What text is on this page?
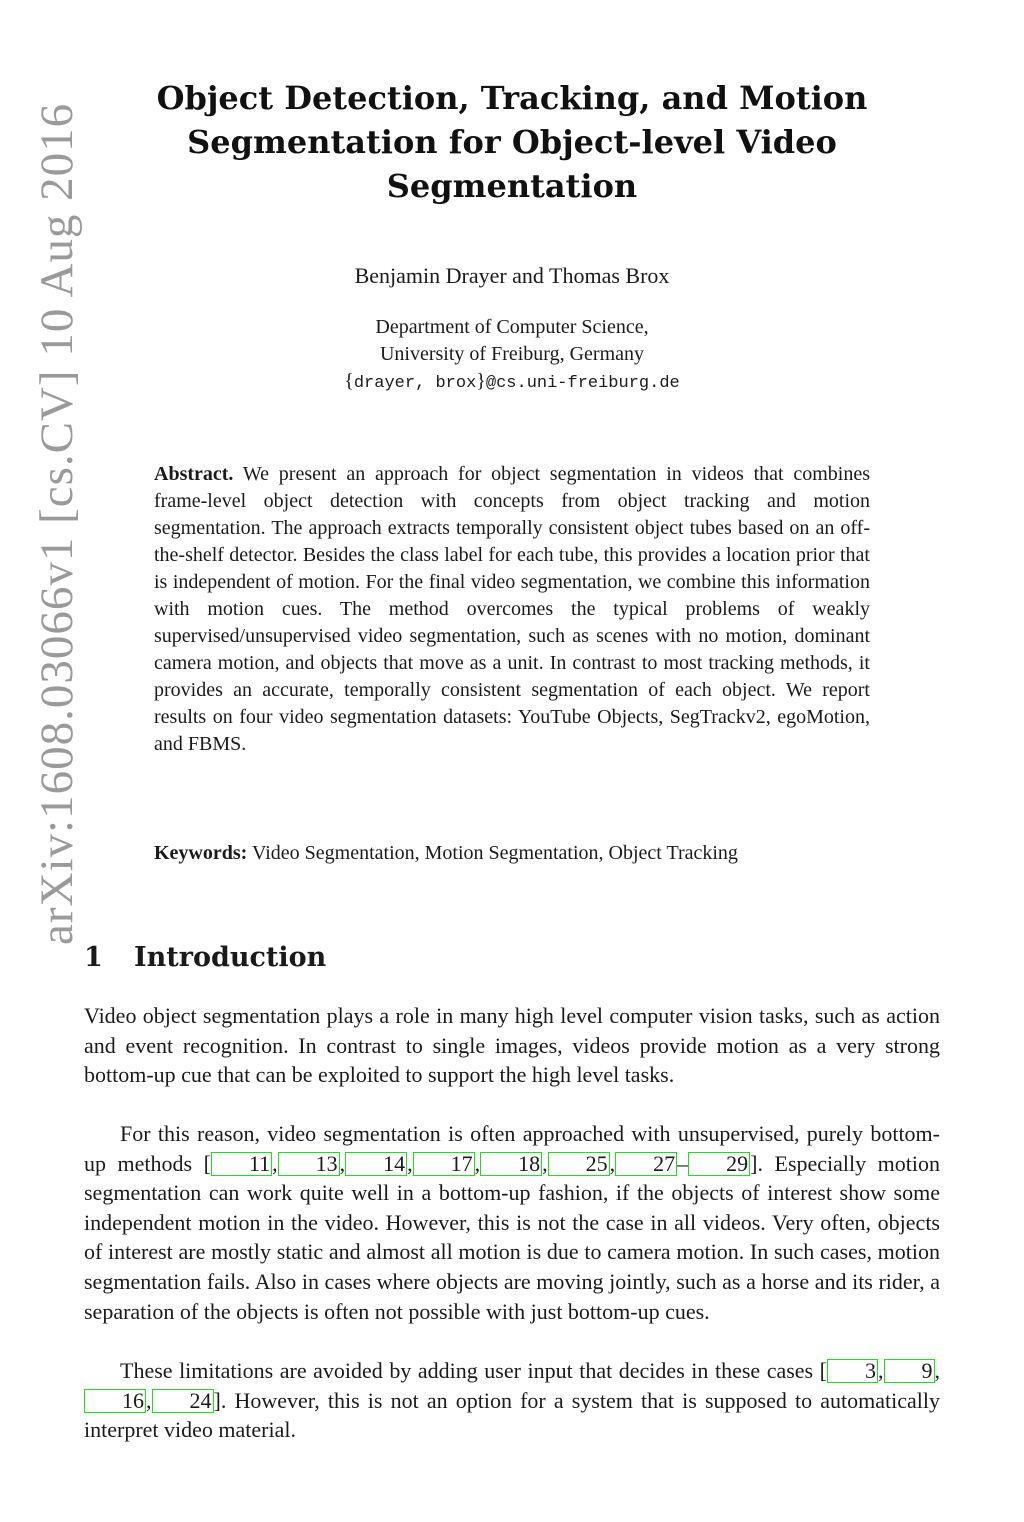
arXiv:1608.03066v1 [cs.CV] 10 Aug 2016
Object Detection, Tracking, and Motion
Segmentation for Object-level Video
Segmentation
Benjamin Drayer and Thomas Brox
Department of Computer Science,
University of Freiburg, Germany
{drayer, brox}@cs.uni-freiburg.de

Abstract. We present an approach for object segmentation in videos that combines frame-level object detection with concepts from object tracking and motion segmentation. The approach extracts temporally consistent object tubes based on an off-the-shelf detector. Besides the class label for each tube, this provides a location prior that is independent of motion. For the final video segmentation, we combine this information with motion cues. The method overcomes the typical problems of weakly supervised/unsupervised video segmentation, such as scenes with no motion, dominant camera motion, and objects that move as a unit. In contrast to most tracking methods, it provides an accurate, temporally consistent segmentation of each object. We report results on four video segmentation datasets: YouTube Objects, SegTrackv2, egoMotion, and FBMS.

Keywords: Video Segmentation, Motion Segmentation, Object Tracking

1 Introduction

Video object segmentation plays a role in many high level computer vision tasks, such as action and event recognition. In contrast to single images, videos provide motion as a very strong bottom-up cue that can be exploited to support the high level tasks.

For this reason, video segmentation is often approached with unsupervised, purely bottom-up methods [ 11, 13, 14, 17, 18, 25, 27– 29]. Especially motion segmentation can work quite well in a bottom-up fashion, if the objects of interest show some independent motion in the video. However, this is not the case in all videos. Very often, objects of interest are mostly static and almost all motion is due to camera motion. In such cases, motion segmentation fails. Also in cases where objects are moving jointly, such as a horse and its rider, a separation of the objects is often not possible with just bottom-up cues.

These limitations are avoided by adding user input that decides in these cases [ 3, 9,16, 24]. However, this is not an option for a system that is supposed to automatically interpret video material.
